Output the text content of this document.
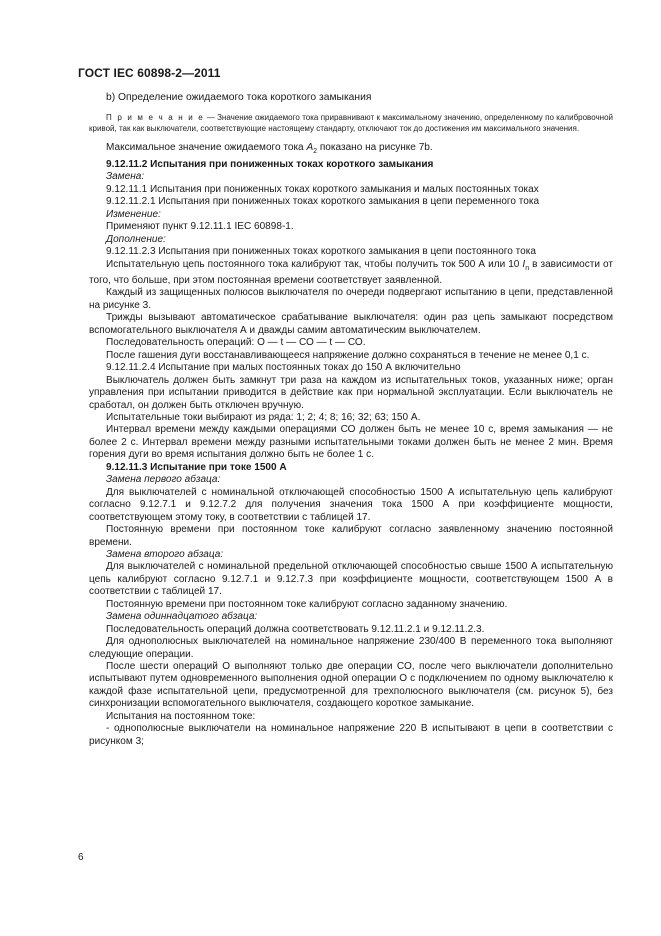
ГОСТ IEC 60898-2—2011

b) Определение ожидаемого тока короткого замыкания

П р и м е ч а н и е — Значение ожидаемого тока приравнивают к максимальному значению, определенному по калибровочной кривой, так как выключатели, соответствующие настоящему стандарту, отключают ток до достижения им максимального значения.

Максимальное значение ожидаемого тока $A_2$ показано на рисунке 7b.

9.12.11.2 Испытания при пониженных токах короткого замыкания

Замена:

9.12.11.1 Испытания при пониженных токах короткого замыкания и малых постоянных токах

9.12.11.2.1 Испытания при пониженных токах короткого замыкания в цепи переменного тока

Изменение:

Применяют пункт 9.12.11.1 IEC 60898-1.

Дополнение:

9.12.11.2.3 Испытания при пониженных токах короткого замыкания в цепи постоянного тока

Испытательную цепь постоянного тока калибруют так, чтобы получить ток 500 А или 10 $I_n$ в зависимости от того, что больше, при этом постоянная времени соответствует заявленной.

Каждый из защищенных полюсов выключателя по очереди подвергают испытанию в цепи, представленной на рисунке 3.

Трижды вызывают автоматическое срабатывание выключателя: один раз цепь замыкают посредством вспомогательного выключателя А и дважды самим автоматическим выключателем.

Последовательность операций: О — t — СО — t — СО.

После гашения дуги восстанавливающееся напряжение должно сохраняться в течение не менее 0,1 с.

9.12.11.2.4 Испытание при малых постоянных токах до 150 А включительно

Выключатель должен быть замкнут три раза на каждом из испытательных токов, указанных ниже; орган управления при испытании приводится в действие как при нормальной эксплуатации. Если выключатель не сработал, он должен быть отключен вручную.

Испытательные токи выбирают из ряда: 1; 2; 4; 8; 16; 32; 63; 150 А.

Интервал времени между каждыми операциями СО должен быть не менее 10 с, время замыкания — не более 2 с. Интервал времени между разными испытательными токами должен быть не менее 2 мин. Время горения дуги во время испытания должно быть не более 1 с.

9.12.11.3 Испытание при токе 1500 А

Замена первого абзаца:

Для выключателей с номинальной отключающей способностью 1500 А испытательную цепь калибруют согласно 9.12.7.1 и 9.12.7.2 для получения значения тока 1500 А при коэффициенте мощности, соответствующем этому току, в соответствии с таблицей 17.

Постоянную времени при постоянном токе калибруют согласно заявленному значению постоянной времени.

Замена второго абзаца:

Для выключателей с номинальной предельной отключающей способностью свыше 1500 А испытательную цепь калибруют согласно 9.12.7.1 и 9.12.7.3 при коэффициенте мощности, соответствующем 1500 А в соответствии с таблицей 17.

Постоянную времени при постоянном токе калибруют согласно заданному значению.

Замена одиннадцатого абзаца:

Последовательность операций должна соответствовать 9.12.11.2.1 и 9.12.11.2.3.

Для однополюсных выключателей на номинальное напряжение 230/400 В переменного тока выполняют следующие операции.

После шести операций О выполняют только две операции СО, после чего выключатели дополнительно испытывают путем одновременного выполнения одной операции О с подключением по одному выключателю к каждой фазе испытательной цепи, предусмотренной для трехполюсного выключателя (см. рисунок 5), без синхронизации вспомогательного выключателя, создающего короткое замыкание.

Испытания на постоянном токе:

- однополюсные выключатели на номинальное напряжение 220 В испытывают в цепи в соответствии с рисунком 3;

6
